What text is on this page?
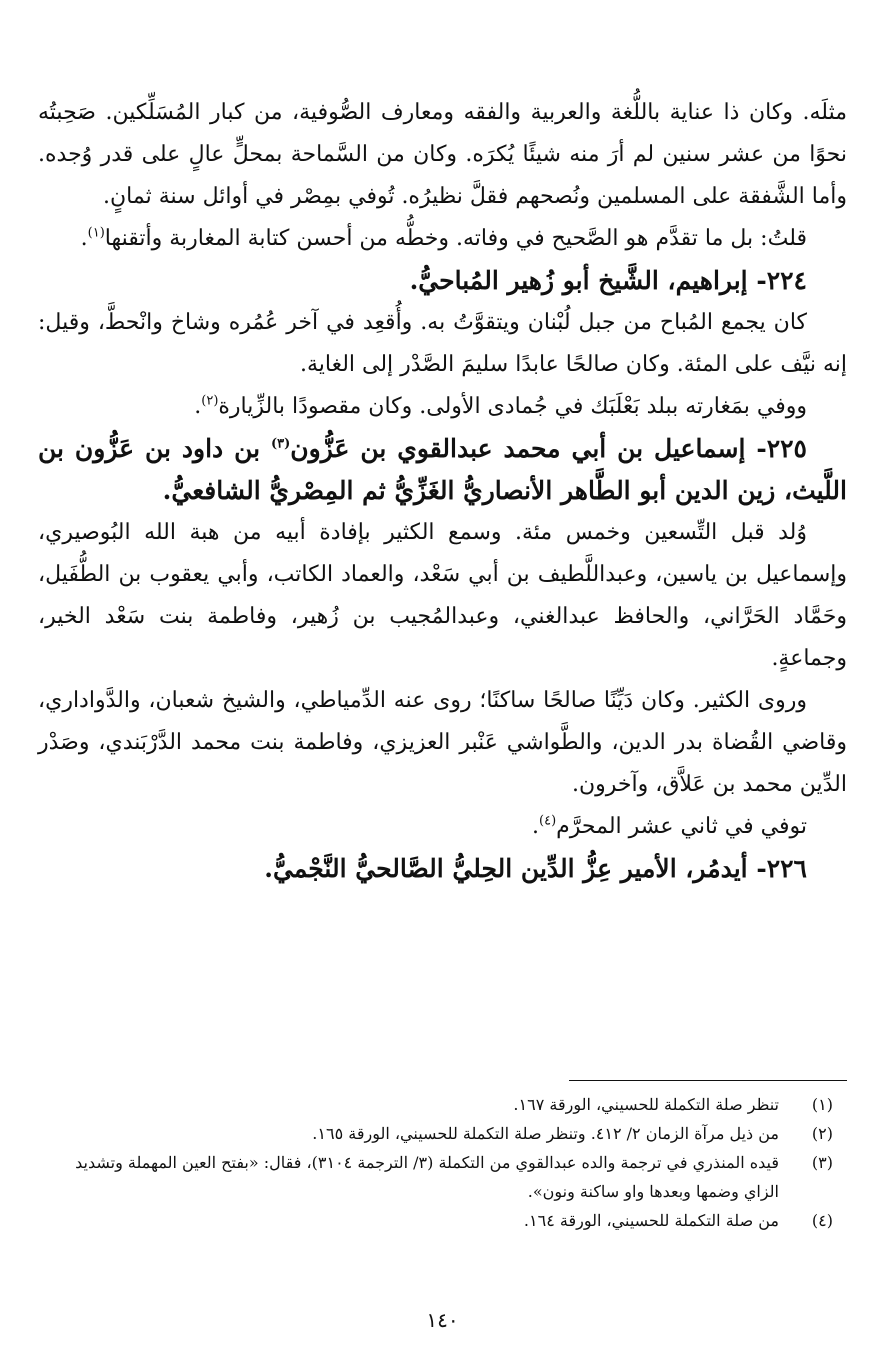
مثلَه. وكان ذا عناية باللُّغة والعربية والفقه ومعارف الصُّوفية، من كبار المُسَلِّكين. صَحِبتُه نحوًا من عشر سنين لم أرَ منه شيئًا يُكرَه. وكان من السَّماحة بمحلٍّ عالٍ على قدر وُجده. وأما الشَّفقة على المسلمين ونُصحهم فقلَّ نظيرُه. تُوفي بمِصْر في أوائل سنة ثمانٍ.

قلتُ: بل ما تقدَّم هو الصَّحيح في وفاته. وخطُّه من أحسن كتابة المغاربة وأتقنها$^{(١)}$.

٢٢٤- إبراهيم، الشَّيخ أبو زُهير المُباحيُّ.

كان يجمع المُباح من جبل لُبْنان ويتقوَّتُ به. وأُقعِد في آخر عُمُره وشاخ وانْحطَّ، وقيل: إنه نيَّف على المئة. وكان صالحًا عابدًا سليمَ الصَّدْر إلى الغاية.

ووفي بمَغارته ببلد بَعْلَبَك في جُمادى الأولى. وكان مقصودًا بالزِّيارة$^{(٢)}$.

٢٢٥- إسماعيل بن أبي محمد عبدالقوي بن عَزُّون$^{(٣)}$ بن داود بن عَزُّون بن اللَّيث، زين الدين أبو الطَّاهر الأنصاريُّ الغَزِّيُّ ثم المِصْريُّ الشافعيُّ.

وُلد قبل التِّسعين وخمس مئة. وسمع الكثير بإفادة أبيه من هبة الله البُوصيري، وإسماعيل بن ياسين، وعبداللَّطيف بن أبي سَعْد، والعماد الكاتب، وأبي يعقوب بن الطُّفَيل، وحَمَّاد الحَرَّاني، والحافظ عبدالغني، وعبدالمُجيب بن زُهير، وفاطمة بنت سَعْد الخير، وجماعةٍ.

وروى الكثير. وكان دَيِّنًا صالحًا ساكنًا؛ روى عنه الدِّمياطي، والشيخ شعبان، والدَّواداري، وقاضي القُضاة بدر الدين، والطَّواشي عَنْبر العزيزي، وفاطمة بنت محمد الدَّرْبَندي، وصَدْر الدِّين محمد بن عَلاَّق، وآخرون.

توفي في ثاني عشر المحرَّم$^{(٤)}$.

٢٢٦- أيدمُر، الأمير عِزُّ الدِّين الحِليُّ الصَّالحيُّ النَّجْميُّ.

(١)
تنظر صلة التكملة للحسيني، الورقة ١٦٧.

(٢)
من ذيل مرآة الزمان ٢/ ٤١٢. وتنظر صلة التكملة للحسيني، الورقة ١٦٥.

(٣)
قيده المنذري في ترجمة والده عبدالقوي من التكملة (٣/ الترجمة ٣١٠٤)، فقال: «بفتح العين المهملة وتشديد الزاي وضمها وبعدها واو ساكنة ونون».

(٤)
من صلة التكملة للحسيني، الورقة ١٦٤.

١٤٠
